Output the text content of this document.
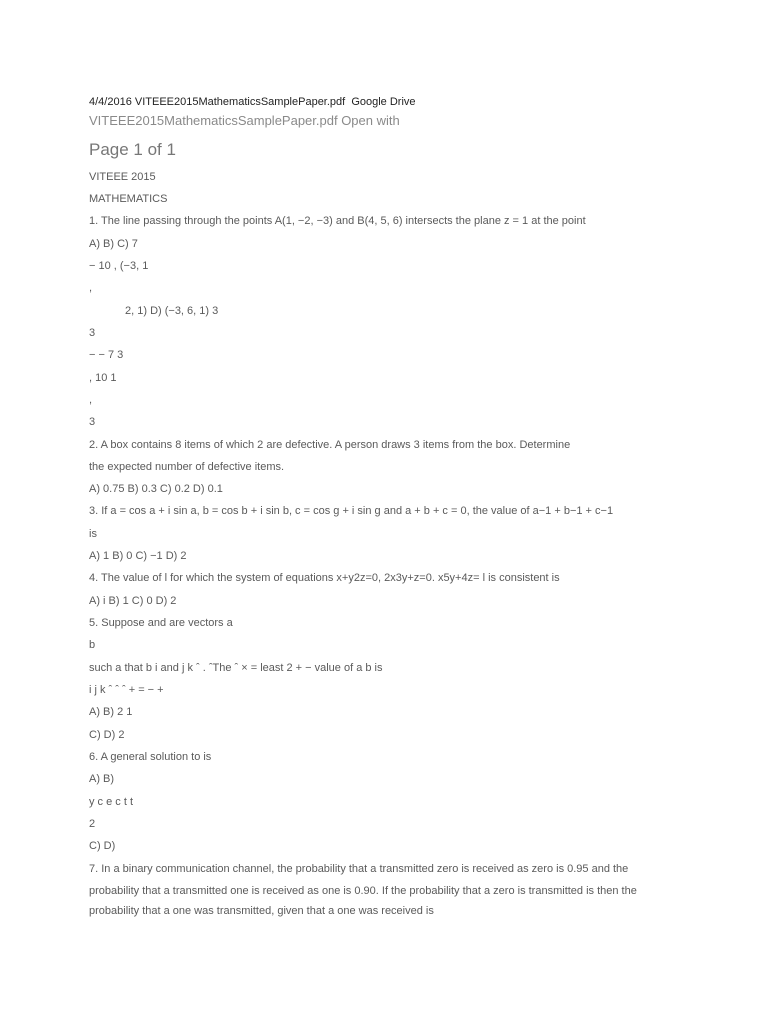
4/4/2016 VITEEE2015MathematicsSamplePaper.pdf  Google Drive
VITEEE2015MathematicsSamplePaper.pdf Open with
Page 1 of 1
VITEEE 2015
MATHEMATICS
1. The line passing through the points A(1, −2, −3) and B(4, 5, 6) intersects the plane z = 1 at the point
A) B) C) 7
− 10 , (−3, 1
,
2, 1) D) (−3, 6, 1) 3
3
− − 7 3
, 10 1
,
3
2. A box contains 8 items of which 2 are defective. A person draws 3 items from the box. Determine
the expected number of defective items.
A) 0.75 B) 0.3 C) 0.2 D) 0.1
3. If a = cos a + i sin a, b = cos b + i sin b, c = cos g + i sin g and a + b + c = 0, the value of a−1 + b−1 + c−1
is
A) 1 B) 0 C) −1 D) 2
4. The value of l for which the system of equations x+y2z=0, 2x3y+z=0. x5y+4z= l is consistent is
A) i B) 1 C) 0 D) 2
5. Suppose and are vectors a
b
such a that b i and j k ˆ . ˆThe ˆ × = least 2 + − value of a b is
i j k ˆ ˆ ˆ + = − +
A) B) 2 1
C) D) 2
6. A general solution to is
A) B)
y c e c t t
2
C) D)
7. In a binary communication channel, the probability that a transmitted zero is received as zero is 0.95 and the
probability that a transmitted one is received as one is 0.90. If the probability that a zero is transmitted is then the
probability that a one was transmitted, given that a one was received is
